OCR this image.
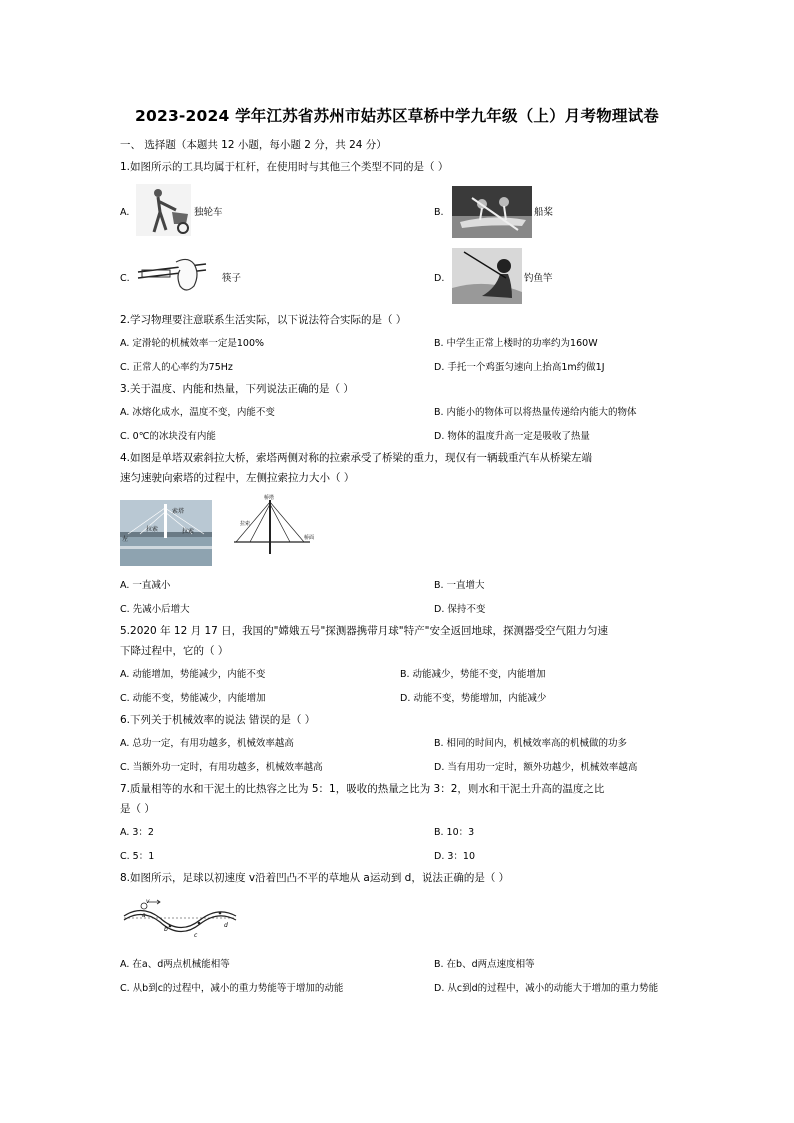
2023-2024 学年江苏省苏州市姑苏区草桥中学九年级（上）月考物理试卷
一、 选择题（本题共 12 小题，每小题 2 分，共 24 分）
1.如图所示的工具均属于杠杆，在使用时与其他三个类型不同的是（ ）
A.	独轮车	B.	船桨
C.	筷子	D.	钓鱼竿
2.学习物理要注意联系生活实际，以下说法符合实际的是（ ）
A. 定滑轮的机械效率一定是100%	B. 中学生正常上楼时的功率约为160W
C. 正常人的心率约为75Hz	D. 手托一个鸡蛋匀速向上抬高1m约做1J
3.关于温度、内能和热量，下列说法正确的是（ ）
A. 冰熔化成水，温度不变，内能不变	B. 内能小的物体可以将热量传递给内能大的物体
C. 0℃的冰块没有内能	D. 物体的温度升高一定是吸收了热量
4.如图是单塔双索斜拉大桥，索塔两侧对称的拉索承受了桥梁的重力，现仅有一辆载重汽车从桥梁左端
速匀速驶向索塔的过程中，左侧拉索拉力大小（ ）
索塔
拉索	拉索
左
桥塔
拉索
桥面
A. 一直减小	B. 一直增大
C. 先减小后增大	D. 保持不变
5.2020 年 12 月 17 日，我国的"嫦娥五号"探测器携带月球"特产"安全返回地球，探测器受空气阻力匀速
下降过程中，它的（ ）
A. 动能增加，势能减少，内能不变	B. 动能减少，势能不变，内能增加
C. 动能不变，势能减少，内能增加	D. 动能不变，势能增加，内能减少
6.下列关于机械效率的说法 错误的是（ ）
A. 总功一定，有用功越多，机械效率越高	B. 相同的时间内，机械效率高的机械做的功多
C. 当额外功一定时，有用功越多，机械效率越高	D. 当有用功一定时，额外功越少，机械效率越高
7.质量相等的水和干泥土的比热容之比为 5：1，吸收的热量之比为 3：2，则水和干泥土升高的温度之比
是（ ）
A. 3：2	B. 10：3
C. 5：1	D. 3：10
8.如图所示，足球以初速度 v沿着凹凸不平的草地从 a运动到 d，说法正确的是（ ）
v
a
b
c
d
A. 在a、d两点机械能相等	B. 在b、d两点速度相等
C. 从b到c的过程中，减小的重力势能等于增加的动能	D. 从c到d的过程中，减小的动能大于增加的重力势能
